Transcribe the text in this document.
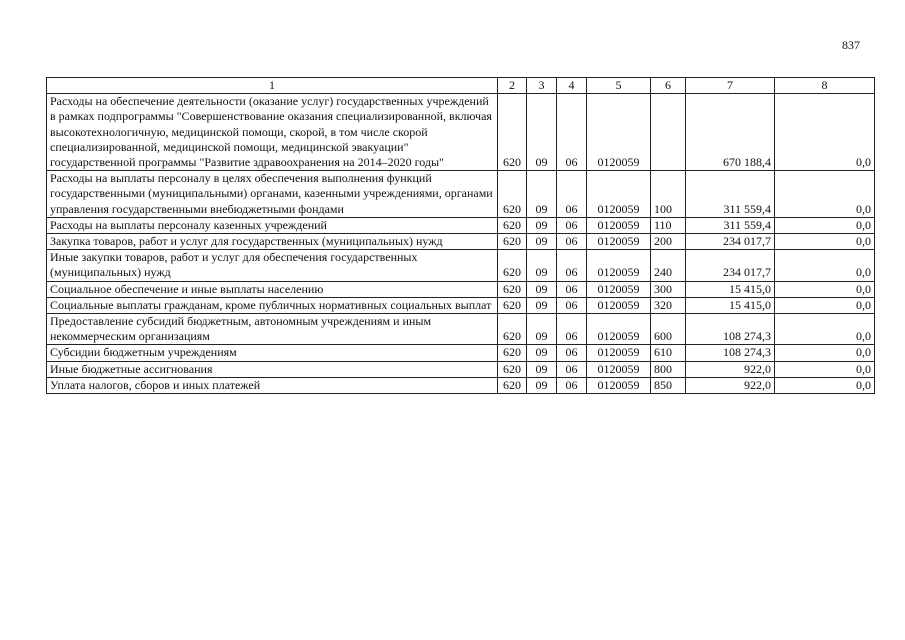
837
1	2	3	4	5	6	7	8
Расходы на обеспечение деятельности (оказание услуг) государственных учреждений в рамках подпрограммы "Совершенствование оказания специализированной, включая высокотехнологичную, медицинской помощи, скорой, в том числе скорой специализированной, медицинской помощи, медицинской эвакуации" государственной программы "Развитие здравоохранения на 2014–2020 годы"	620	09	06	0120059		670 188,4	0,0
Расходы на выплаты персоналу в целях обеспечения выполнения функций государственными (муниципальными) органами, казенными учреждениями, органами управления государственными внебюджетными фондами	620	09	06	0120059	100	311 559,4	0,0
Расходы на выплаты персоналу казенных учреждений	620	09	06	0120059	110	311 559,4	0,0
Закупка товаров, работ и услуг для государственных (муниципальных) нужд	620	09	06	0120059	200	234 017,7	0,0
Иные закупки товаров, работ и услуг для обеспечения государственных (муниципальных) нужд	620	09	06	0120059	240	234 017,7	0,0
Социальное обеспечение и иные выплаты населению	620	09	06	0120059	300	15 415,0	0,0
Социальные выплаты гражданам, кроме публичных нормативных социальных выплат	620	09	06	0120059	320	15 415,0	0,0
Предоставление субсидий бюджетным, автономным учреждениям и иным некоммерческим организациям	620	09	06	0120059	600	108 274,3	0,0
Субсидии бюджетным учреждениям	620	09	06	0120059	610	108 274,3	0,0
Иные бюджетные ассигнования	620	09	06	0120059	800	922,0	0,0
Уплата налогов, сборов и иных платежей	620	09	06	0120059	850	922,0	0,0
